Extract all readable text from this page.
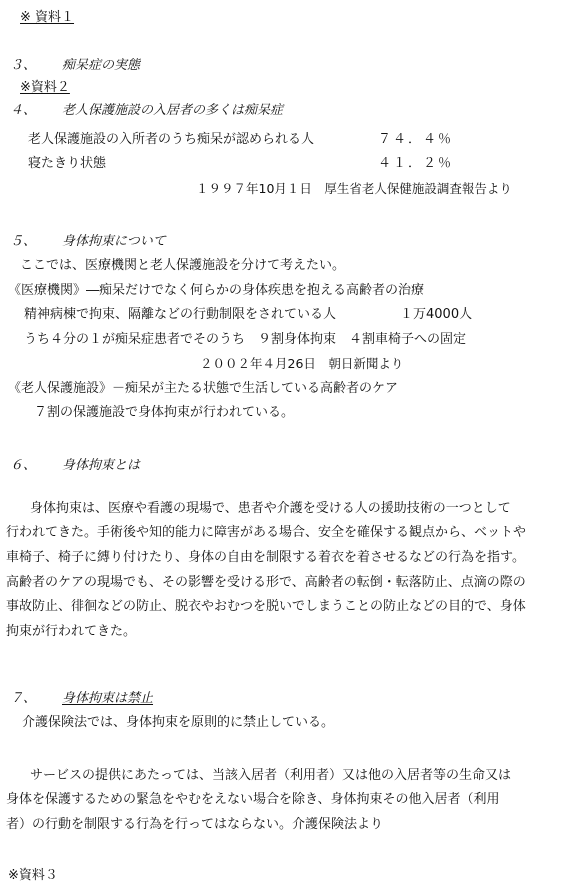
※ 資料１
３、 痴呆症の実態
※資料２
４、 老人保護施設の入居者の多くは痴呆症
老人保護施設の入所者のうち痴呆が認められる人	７４．４％
寝たきり状態	４１．２％
１９９７年10月１日　厚生省老人保健施設調査報告より
５、 身体拘束について
ここでは、医療機関と老人保護施設を分けて考えたい。
《医療機関》―痴呆だけでなく何らかの身体疾患を抱える高齢者の治療
精神病棟で拘束、隔離などの行動制限をされている人	１万4000人
うち４分の１が痴呆症患者でそのうち　９割身体拘束　４割車椅子への固定
２００２年４月26日　朝日新聞より
《老人保護施設》－痴呆が主たる状態で生活している高齢者のケア
７割の保護施設で身体拘束が行われている。
６、 身体拘束とは
身体拘束は、医療や看護の現場で、患者や介護を受ける人の援助技術の一つとして
行われてきた。手術後や知的能力に障害がある場合、安全を確保する観点から、ベットや
車椅子、椅子に縛り付けたり、身体の自由を制限する着衣を着させるなどの行為を指す。
高齢者のケアの現場でも、その影響を受ける形で、高齢者の転倒・転落防止、点滴の際の
事故防止、徘徊などの防止、脱衣やおむつを脱いでしまうことの防止などの目的で、身体
拘束が行われてきた。
７、 身体拘束は禁止
介護保険法では、身体拘束を原則的に禁止している。
サービスの提供にあたっては、当該入居者（利用者）又は他の入居者等の生命又は
身体を保護するための緊急をやむをえない場合を除き、身体拘束その他入居者（利用
者）の行動を制限する行為を行ってはならない。介護保険法より
※資料３
